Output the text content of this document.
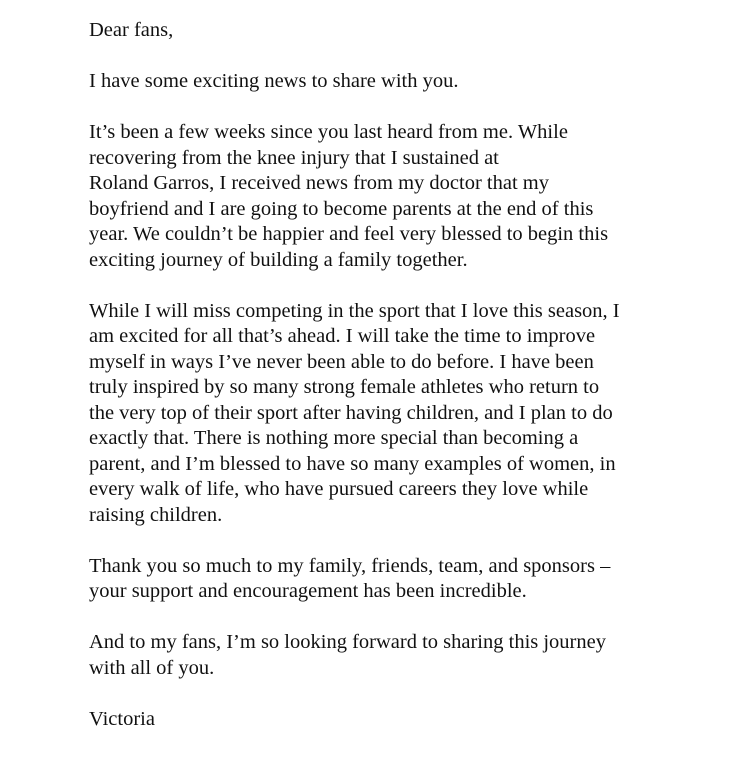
Dear fans,

I have some exciting news to share with you.

It’s been a few weeks since you last heard from me. While
recovering from the knee injury that I sustained at
Roland Garros, I received news from my doctor that my
boyfriend and I are going to become parents at the end of this
year. We couldn’t be happier and feel very blessed to begin this
exciting journey of building a family together.

While I will miss competing in the sport that I love this season, I
am excited for all that’s ahead. I will take the time to improve
myself in ways I’ve never been able to do before. I have been
truly inspired by so many strong female athletes who return to
the very top of their sport after having children, and I plan to do
exactly that. There is nothing more special than becoming a
parent, and I’m blessed to have so many examples of women, in
every walk of life, who have pursued careers they love while
raising children.

Thank you so much to my family, friends, team, and sponsors –
your support and encouragement has been incredible.

And to my fans, I’m so looking forward to sharing this journey
with all of you.

Victoria
